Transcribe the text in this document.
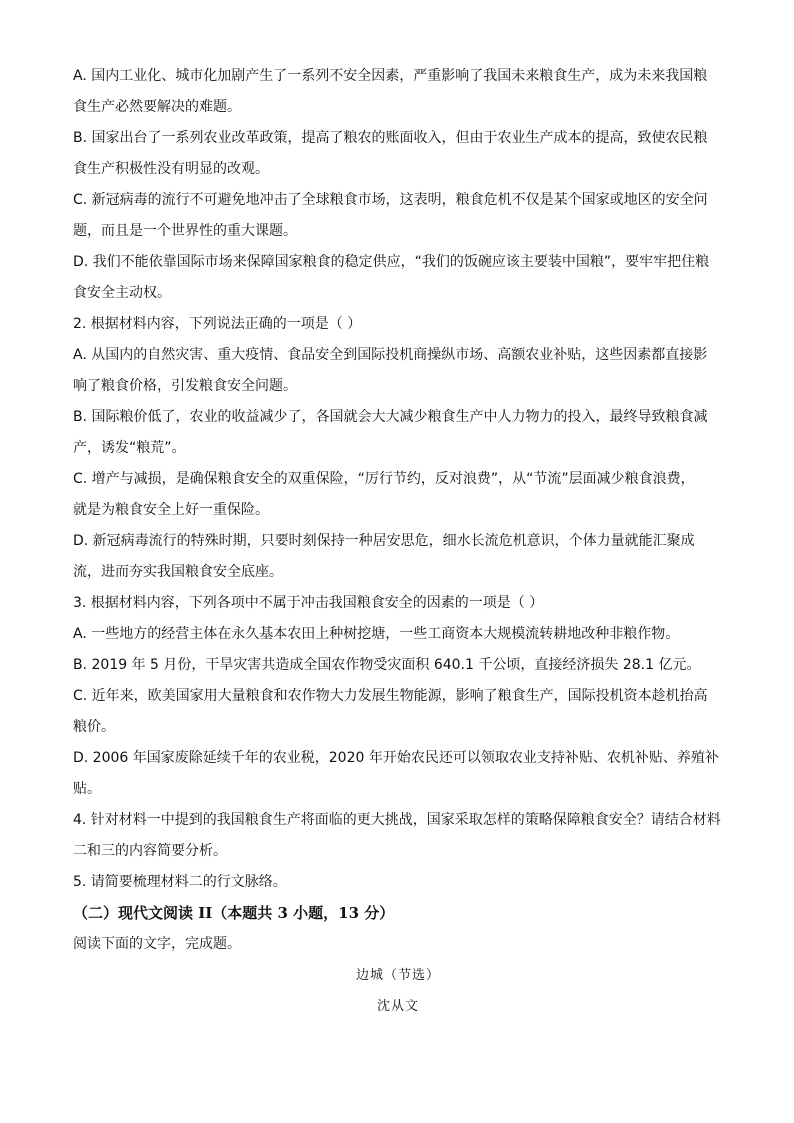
A. 国内工业化、城市化加剧产生了一系列不安全因素，严重影响了我国未来粮食生产，成为未来我国粮
食生产必然要解决的难题。
B. 国家出台了一系列农业改革政策，提高了粮农的账面收入，但由于农业生产成本的提高，致使农民粮
食生产积极性没有明显的改观。
C. 新冠病毒的流行不可避免地冲击了全球粮食市场，这表明，粮食危机不仅是某个国家或地区的安全问
题，而且是一个世界性的重大课题。
D. 我们不能依靠国际市场来保障国家粮食的稳定供应，“我们的饭碗应该主要装中国粮”，要牢牢把住粮
食安全主动权。
2. 根据材料内容，下列说法正确的一项是（ ）
A. 从国内的自然灾害、重大疫情、食品安全到国际投机商操纵市场、高额农业补贴，这些因素都直接影
响了粮食价格，引发粮食安全问题。
B. 国际粮价低了，农业的收益减少了，各国就会大大减少粮食生产中人力物力的投入，最终导致粮食减
产，诱发“粮荒”。
C. 增产与减损，是确保粮食安全的双重保险，“厉行节约，反对浪费”，从“节流”层面减少粮食浪费，
就是为粮食安全上好一重保险。
D. 新冠病毒流行的特殊时期，只要时刻保持一种居安思危，细水长流危机意识，个体力量就能汇聚成
流，进而夯实我国粮食安全底座。
3. 根据材料内容，下列各项中不属于冲击我国粮食安全的因素的一项是（ ）
A. 一些地方的经营主体在永久基本农田上种树挖塘，一些工商资本大规模流转耕地改种非粮作物。
B. 2019 年 5 月份，干旱灾害共造成全国农作物受灾面积 640.1 千公顷，直接经济损失 28.1 亿元。
C. 近年来，欧美国家用大量粮食和农作物大力发展生物能源，影响了粮食生产，国际投机资本趁机抬高
粮价。
D. 2006 年国家废除延续千年的农业税，2020 年开始农民还可以领取农业支持补贴、农机补贴、养殖补
贴。
4. 针对材料一中提到的我国粮食生产将面临的更大挑战，国家采取怎样的策略保障粮食安全？请结合材料
二和三的内容简要分析。
5. 请简要梳理材料二的行文脉络。
（二）现代文阅读 II（本题共 3 小题，13 分）
阅读下面的文字，完成题。
边城（节选）
沈从文
